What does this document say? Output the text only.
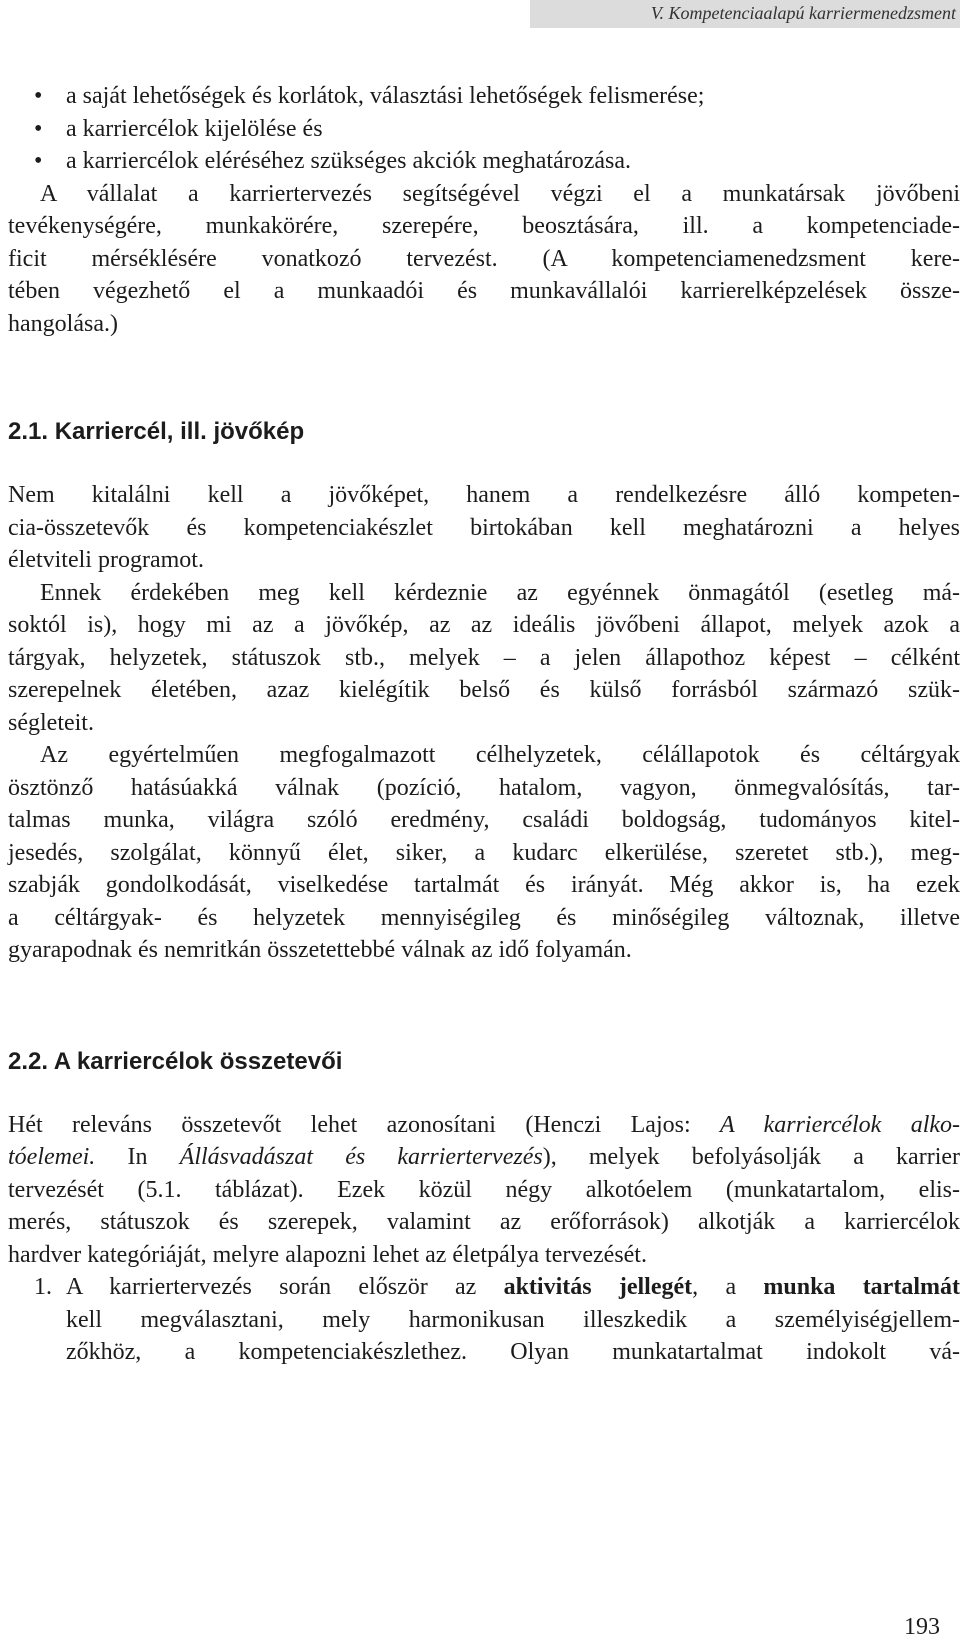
V. Kompetenciaalapú karriermenedzsment
• a saját lehetőségek és korlátok, választási lehetőségek felismerése;
• a karriercélok kijelölése és
• a karriercélok eléréséhez szükséges akciók meghatározása.

A vállalat a karriertervezés segítségével végzi el a munkatársak jövőbeni

tevékenységére, munkakörére, szerepére, beosztására, ill. a kompetenciade-

ficit mérséklésére vonatkozó tervezést. (A kompetenciamenedzsment kere-

tében végezhető el a munkaadói és munkavállalói karrierelképzelések össze-

hangolása.)

2.1. Karriercél, ill. jövőkép

Nem kitalálni kell a jövőképet, hanem a rendelkezésre álló kompeten-

cia-összetevők és kompetenciakészlet birtokában kell meghatározni a helyes

életviteli programot.

Ennek érdekében meg kell kérdeznie az egyénnek önmagától (esetleg má-

soktól is), hogy mi az a jövőkép, az az ideális jövőbeni állapot, melyek azok a

tárgyak, helyzetek, státuszok stb., melyek – a jelen állapothoz képest – célként

szerepelnek életében, azaz kielégítik belső és külső forrásból származó szük-

ségleteit.

Az egyértelműen megfogalmazott célhelyzetek, célállapotok és céltárgyak

ösztönző hatásúakká válnak (pozíció, hatalom, vagyon, önmegvalósítás, tar-

talmas munka, világra szóló eredmény, családi boldogság, tudományos kitel-

jesedés, szolgálat, könnyű élet, siker, a kudarc elkerülése, szeretet stb.), meg-

szabják gondolkodását, viselkedése tartalmát és irányát. Még akkor is, ha ezek

a céltárgyak- és helyzetek mennyiségileg és minőségileg változnak, illetve

gyarapodnak és nemritkán összetettebbé válnak az idő folyamán.

2.2. A karriercélok összetevői

Hét releváns összetevőt lehet azonosítani (Henczi Lajos: A karriercélok alko-

tóelemei. In Állásvadászat és karriertervezés), melyek befolyásolják a karrier

tervezését (5.1. táblázat). Ezek közül négy alkotóelem (munkatartalom, elis-

merés, státuszok és szerepek, valamint az erőforrások) alkotják a karriercélok

hardver kategóriáját, melyre alapozni lehet az életpálya tervezését.

1. A karriertervezés során először az aktivitás jellegét, a munka tartalmát

kell megválasztani, mely harmonikusan illeszkedik a személyiségjellem-

zőkhöz, a kompetenciakészlethez. Olyan munkatartalmat indokolt vá-

193
